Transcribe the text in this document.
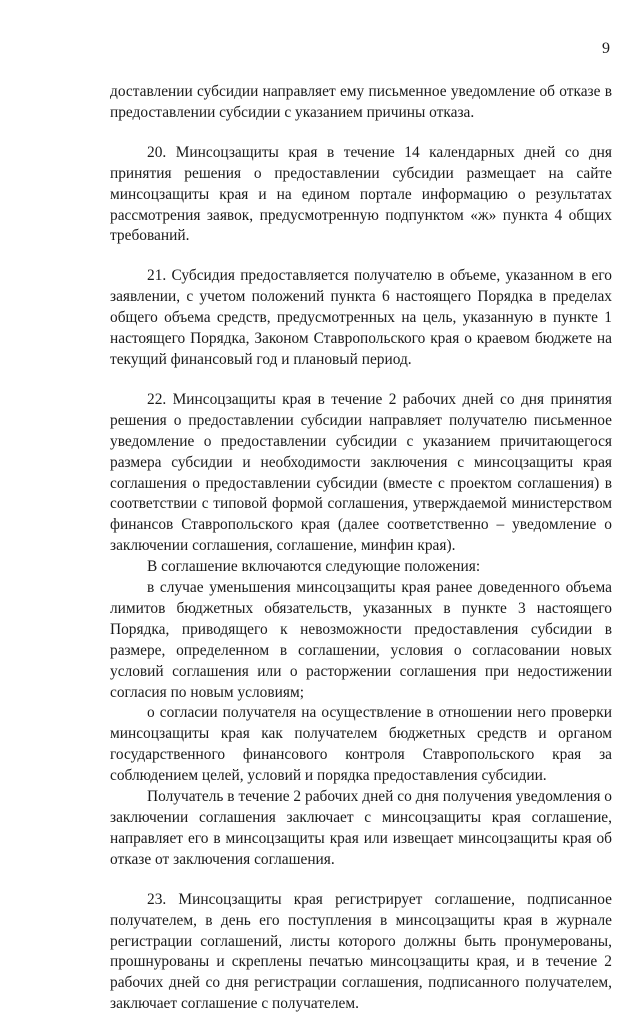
9

доставлении субсидии направляет ему письменное уведомление об отказе в предоставлении субсидии с указанием причины отказа.

20. Минсоцзащиты края в течение 14 календарных дней со дня принятия решения о предоставлении субсидии размещает на сайте минсоцзащиты края и на едином портале информацию о результатах рассмотрения заявок, предусмотренную подпунктом «ж» пункта 4 общих требований.

21. Субсидия предоставляется получателю в объеме, указанном в его заявлении, с учетом положений пункта 6 настоящего Порядка в пределах общего объема средств, предусмотренных на цель, указанную в пункте 1 настоящего Порядка, Законом Ставропольского края о краевом бюджете на текущий финансовый год и плановый период.

22. Минсоцзащиты края в течение 2 рабочих дней со дня принятия решения о предоставлении субсидии направляет получателю письменное уведомление о предоставлении субсидии с указанием причитающегося размера субсидии и необходимости заключения с минсоцзащиты края соглашения о предоставлении субсидии (вместе с проектом соглашения) в соответствии с типовой формой соглашения, утверждаемой министерством финансов Ставропольского края (далее соответственно – уведомление о заключении соглашения, соглашение, минфин края).

В соглашение включаются следующие положения:

в случае уменьшения минсоцзащиты края ранее доведенного объема лимитов бюджетных обязательств, указанных в пункте 3 настоящего Порядка, приводящего к невозможности предоставления субсидии в размере, определенном в соглашении, условия о согласовании новых условий соглашения или о расторжении соглашения при недостижении согласия по новым условиям;

о согласии получателя на осуществление в отношении него проверки минсоцзащиты края как получателем бюджетных средств и органом государственного финансового контроля Ставропольского края за соблюдением целей, условий и порядка предоставления субсидии.

Получатель в течение 2 рабочих дней со дня получения уведомления о заключении соглашения заключает с минсоцзащиты края соглашение, направляет его в минсоцзащиты края или извещает минсоцзащиты края об отказе от заключения соглашения.

23. Минсоцзащиты края регистрирует соглашение, подписанное получателем, в день его поступления в минсоцзащиты края в журнале регистрации соглашений, листы которого должны быть пронумерованы, прошнурованы и скреплены печатью минсоцзащиты края, и в течение 2 рабочих дней со дня регистрации соглашения, подписанного получателем, заключает соглашение с получателем.
